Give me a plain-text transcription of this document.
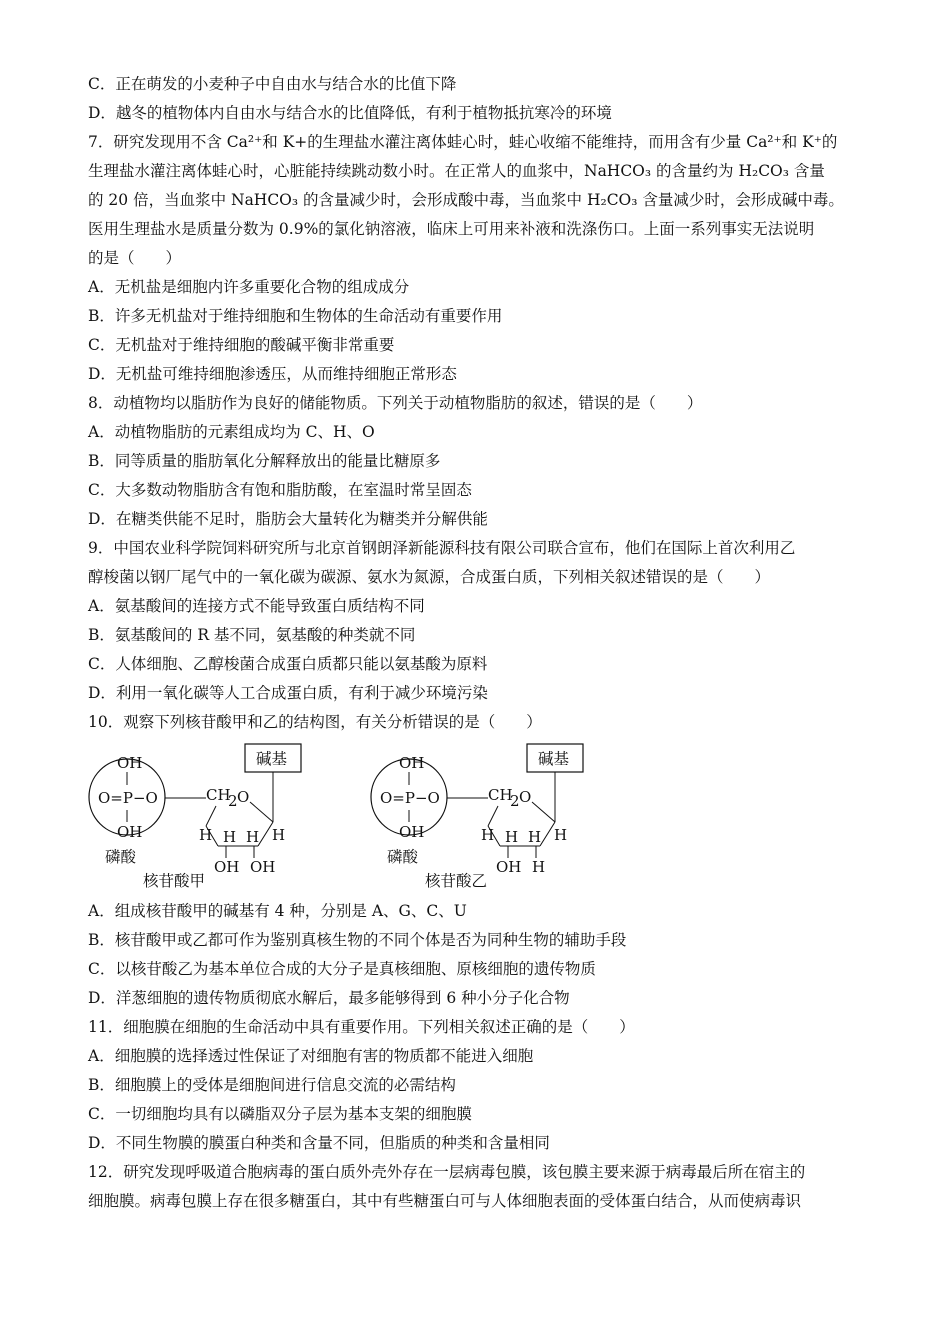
C．正在萌发的小麦种子中自由水与结合水的比值下降
D．越冬的植物体内自由水与结合水的比值降低，有利于植物抵抗寒冷的环境
7．研究发现用不含 Ca²⁺和 K+的生理盐水灌注离体蛙心时，蛙心收缩不能维持，而用含有少量 Ca²⁺和 K⁺的
生理盐水灌注离体蛙心时，心脏能持续跳动数小时。在正常人的血浆中，NaHCO₃ 的含量约为 H₂CO₃ 含量
的 20 倍，当血浆中 NaHCO₃ 的含量减少时，会形成酸中毒，当血浆中 H₂CO₃ 含量减少时，会形成碱中毒。
医用生理盐水是质量分数为 0.9%的氯化钠溶液，临床上可用来补液和洗涤伤口。上面一系列事实无法说明
的是（　　）
A．无机盐是细胞内许多重要化合物的组成成分
B．许多无机盐对于维持细胞和生物体的生命活动有重要作用
C．无机盐对于维持细胞的酸碱平衡非常重要
D．无机盐可维持细胞渗透压，从而维持细胞正常形态
8．动植物均以脂肪作为良好的储能物质。下列关于动植物脂肪的叙述，错误的是（　　）
A．动植物脂肪的元素组成均为 C、H、O
B．同等质量的脂肪氧化分解释放出的能量比糖原多
C．大多数动物脂肪含有饱和脂肪酸，在室温时常呈固态
D．在糖类供能不足时，脂肪会大量转化为糖类并分解供能
9．中国农业科学院饲料研究所与北京首钢朗泽新能源科技有限公司联合宣布，他们在国际上首次利用乙
醇梭菌以钢厂尾气中的一氧化碳为碳源、氨水为氮源，合成蛋白质，下列相关叙述错误的是（　　）
A．氨基酸间的连接方式不能导致蛋白质结构不同
B．氨基酸间的 R 基不同，氨基酸的种类就不同
C．人体细胞、乙醇梭菌合成蛋白质都只能以氨基酸为原料
D．利用一氧化碳等人工合成蛋白质，有利于减少环境污染
10．观察下列核苷酸甲和乙的结构图，有关分析错误的是（　　）
OH
O=P−O
OH
磷酸
CH
2 O
碱基
H	H
H H
OH OH
核苷酸甲
OH
O=P−O
OH
磷酸
CH
2 O
碱基
H	H
H H
OH H
核苷酸乙
A．组成核苷酸甲的碱基有 4 种，分别是 A、G、C、U
B．核苷酸甲或乙都可作为鉴别真核生物的不同个体是否为同种生物的辅助手段
C．以核苷酸乙为基本单位合成的大分子是真核细胞、原核细胞的遗传物质
D．洋葱细胞的遗传物质彻底水解后，最多能够得到 6 种小分子化合物
11．细胞膜在细胞的生命活动中具有重要作用。下列相关叙述正确的是（　　）
A．细胞膜的选择透过性保证了对细胞有害的物质都不能进入细胞
B．细胞膜上的受体是细胞间进行信息交流的必需结构
C．一切细胞均具有以磷脂双分子层为基本支架的细胞膜
D．不同生物膜的膜蛋白种类和含量不同，但脂质的种类和含量相同
12．研究发现呼吸道合胞病毒的蛋白质外壳外存在一层病毒包膜，该包膜主要来源于病毒最后所在宿主的
细胞膜。病毒包膜上存在很多糖蛋白，其中有些糖蛋白可与人体细胞表面的受体蛋白结合，从而使病毒识
